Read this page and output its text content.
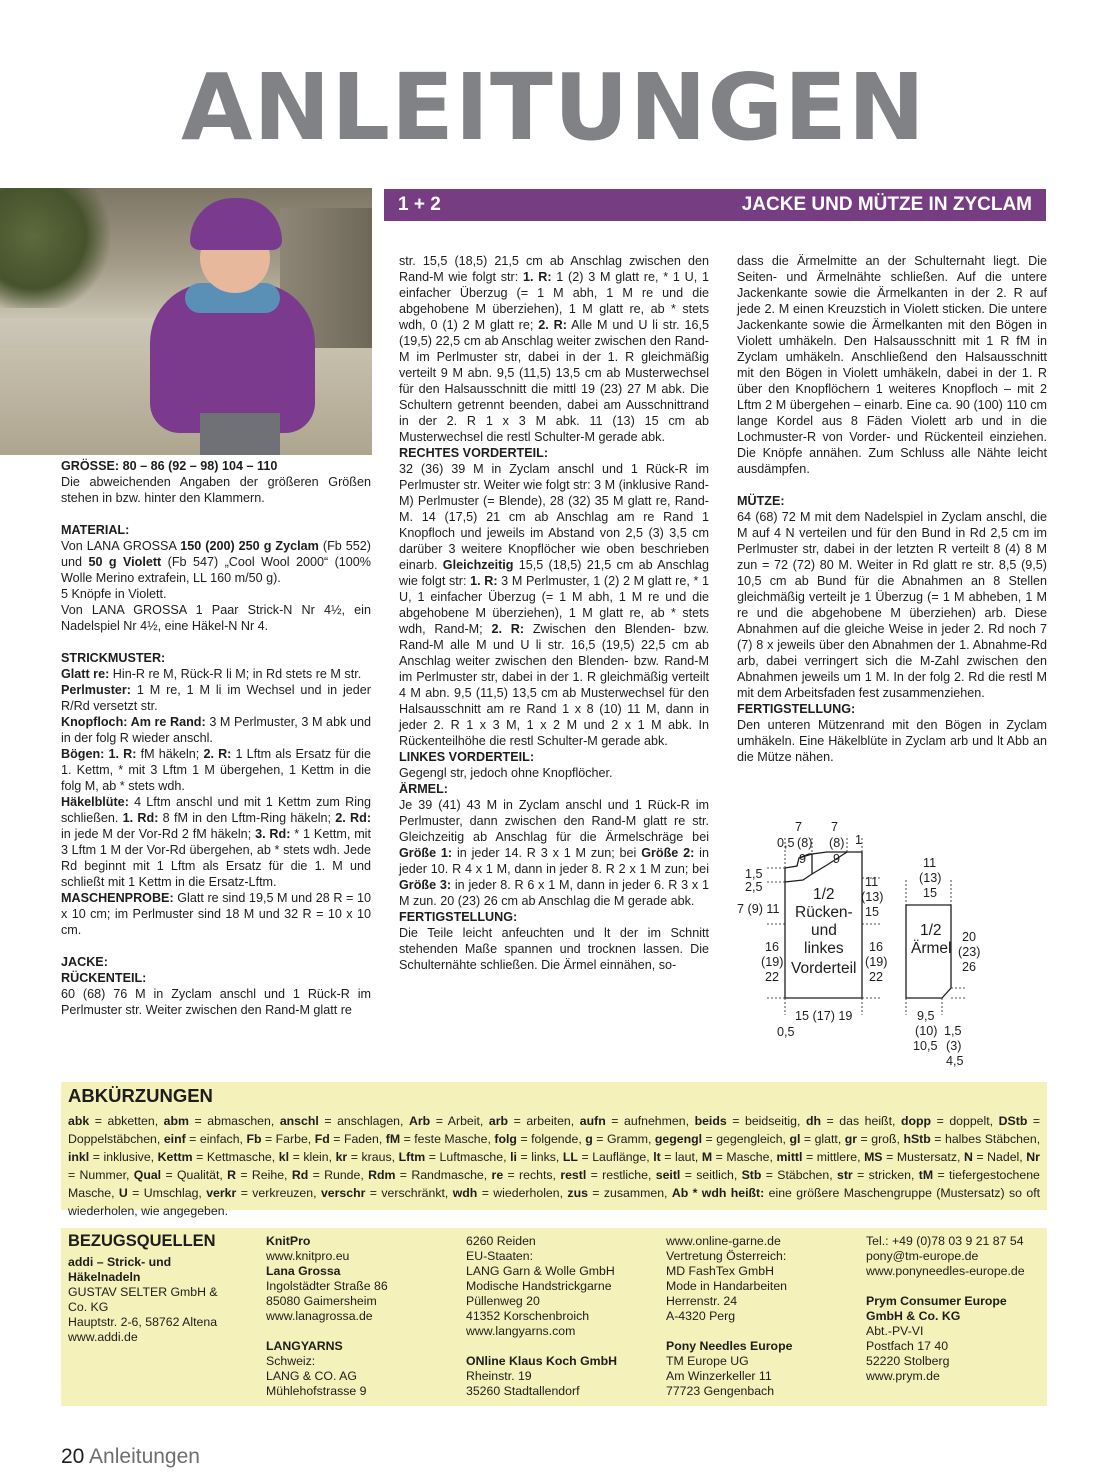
ANLEITUNGEN
1 + 2	JACKE UND MÜTZE IN ZYCLAM
GRÖSSE: 80 – 86 (92 – 98) 104 – 110

Die abweichenden Angaben der größeren Größen stehen in bzw. hinter den Klammern.

MATERIAL:

Von LANA GROSSA 150 (200) 250 g Zyclam (Fb 552) und 50 g Violett (Fb 547) „Cool Wool 2000“ (100% Wolle Merino extrafein, LL 160 m/50 g).

5 Knöpfe in Violett.

Von LANA GROSSA 1 Paar Strick-N Nr 4½, ein Nadelspiel Nr 4½, eine Häkel-N Nr 4.

STRICKMUSTER:

Glatt re: Hin-R re M, Rück-R li M; in Rd stets re M str.

Perlmuster: 1 M re, 1 M li im Wechsel und in jeder R/Rd versetzt str.

Knopfloch: Am re Rand: 3 M Perlmuster, 3 M abk und in der folg R wieder anschl.

Bögen: 1. R: fM häkeln; 2. R: 1 Lftm als Ersatz für die 1. Kettm, * mit 3 Lftm 1 M übergehen, 1 Kettm in die folg M, ab * stets wdh.

Häkelblüte: 4 Lftm anschl und mit 1 Kettm zum Ring schließen. 1. Rd: 8 fM in den Lftm-Ring häkeln; 2. Rd: in jede M der Vor-Rd 2 fM häkeln; 3. Rd: * 1 Kettm, mit 3 Lftm 1 M der Vor-Rd übergehen, ab * stets wdh. Jede Rd beginnt mit 1 Lftm als Ersatz für die 1. M und schließt mit 1 Kettm in die Ersatz-Lftm.

MASCHENPROBE: Glatt re sind 19,5 M und 28 R = 10 x 10 cm; im Perlmuster sind 18 M und 32 R = 10 x 10 cm.

JACKE:
RÜCKENTEIL:

60 (68) 76 M in Zyclam anschl und 1 Rück-R im Perlmuster str. Weiter zwischen den Rand-M glatt re

str. 15,5 (18,5) 21,5 cm ab Anschlag zwischen den Rand-M wie folgt str: 1. R: 1 (2) 3 M glatt re, * 1 U, 1 einfacher Überzug (= 1 M abh, 1 M re und die abgehobene M überziehen), 1 M glatt re, ab * stets wdh, 0 (1) 2 M glatt re; 2. R: Alle M und U li str. 16,5 (19,5) 22,5 cm ab Anschlag weiter zwischen den Rand-M im Perlmuster str, dabei in der 1. R gleichmäßig verteilt 9 M abn. 9,5 (11,5) 13,5 cm ab Musterwechsel für den Halsausschnitt die mittl 19 (23) 27 M abk. Die Schultern getrennt beenden, dabei am Ausschnittrand in der 2. R 1 x 3 M abk. 11 (13) 15 cm ab Musterwechsel die restl Schulter-M gerade abk.

RECHTES VORDERTEIL:

32 (36) 39 M in Zyclam anschl und 1 Rück-R im Perlmuster str. Weiter wie folgt str: 3 M (inklusive Rand-M) Perlmuster (= Blende), 28 (32) 35 M glatt re, Rand-M. 14 (17,5) 21 cm ab Anschlag am re Rand 1 Knopfloch und jeweils im Abstand von 2,5 (3) 3,5 cm darüber 3 weitere Knopflöcher wie oben beschrieben einarb. Gleichzeitig 15,5 (18,5) 21,5 cm ab Anschlag wie folgt str: 1. R: 3 M Perlmuster, 1 (2) 2 M glatt re, * 1 U, 1 einfacher Überzug (= 1 M abh, 1 M re und die abgehobene M überziehen), 1 M glatt re, ab * stets wdh, Rand-M; 2. R: Zwischen den Blenden- bzw. Rand-M alle M und U li str. 16,5 (19,5) 22,5 cm ab Anschlag weiter zwischen den Blenden- bzw. Rand-M im Perlmuster str, dabei in der 1. R gleichmäßig verteilt 4 M abn. 9,5 (11,5) 13,5 cm ab Musterwechsel für den Halsausschnitt am re Rand 1 x 8 (10) 11 M, dann in jeder 2. R 1 x 3 M, 1 x 2 M und 2 x 1 M abk. In Rückenteilhöhe die restl Schulter-M gerade abk.

LINKES VORDERTEIL:

Gegengl str, jedoch ohne Knopflöcher.

ÄRMEL:

Je 39 (41) 43 M in Zyclam anschl und 1 Rück-R im Perlmuster, dann zwischen den Rand-M glatt re str. Gleichzeitig ab Anschlag für die Ärmelschräge bei Größe 1: in jeder 14. R 3 x 1 M zun; bei Größe 2: in jeder 10. R 4 x 1 M, dann in jeder 8. R 2 x 1 M zun; bei Größe 3: in jeder 8. R 6 x 1 M, dann in jeder 6. R 3 x 1 M zun. 20 (23) 26 cm ab Anschlag die M gerade abk.

FERTIGSTELLUNG:

Die Teile leicht anfeuchten und lt der im Schnitt stehenden Maße spannen und trocknen lassen. Die Schulternähte schließen. Die Ärmel einnähen, so-

dass die Ärmelmitte an der Schulternaht liegt. Die Seiten- und Ärmelnähte schließen. Auf die untere Jackenkante sowie die Ärmelkanten in der 2. R auf jede 2. M einen Kreuzstich in Violett sticken. Die untere Jackenkante sowie die Ärmelkanten mit den Bögen in Violett umhäkeln. Den Halsausschnitt mit 1 R fM in Zyclam umhäkeln. Anschließend den Halsausschnitt mit den Bögen in Violett umhäkeln, dabei in der 1. R über den Knopflöchern 1 weiteres Knopfloch – mit 2 Lftm 2 M übergehen – einarb. Eine ca. 90 (100) 110 cm lange Kordel aus 8 Fäden Violett arb und in die Lochmuster-R von Vorder- und Rückenteil einziehen. Die Knöpfe annähen. Zum Schluss alle Nähte leicht ausdämpfen.

MÜTZE:

64 (68) 72 M mit dem Nadelspiel in Zyclam anschl, die M auf 4 N verteilen und für den Bund in Rd 2,5 cm im Perlmuster str, dabei in der letzten R verteilt 8 (4) 8 M zun = 72 (72) 80 M. Weiter in Rd glatt re str. 8,5 (9,5) 10,5 cm ab Bund für die Abnahmen an 8 Stellen gleichmäßig verteilt je 1 Überzug (= 1 M abheben, 1 M re und die abgehobene M überziehen) arb. Diese Abnahmen auf die gleiche Weise in jeder 2. Rd noch 7 (7) 8 x jeweils über den Abnahmen der 1. Abnahme-Rd arb, dabei verringert sich die M-Zahl zwischen den Abnahmen jeweils um 1 M. In der folg 2. Rd die restl M mit dem Arbeitsfaden fest zusammenziehen.

FERTIGSTELLUNG:

Den unteren Mützenrand mit den Bögen in Zyclam umhäkeln. Eine Häkelblüte in Zyclam arb und lt Abb an die Mütze nähen.

7 7
0,5 (8) (8) 1
9 9
1,5
2,5
7 (9) 11
16
(19)
22
11
(13)
15
16
(19)
22
15 (17) 19
0,5
1/2
Rücken-
und
linkes
Vorderteil
11
(13)
15
1/2
Ärmel
20
(23)
26
9,5
(10)
10,5
1,5
(3)
4,5
ABKÜRZUNGEN
abk = abketten, abm = abmaschen, anschl = anschlagen, Arb = Arbeit, arb = arbeiten, aufn = aufnehmen, beids = beidseitig, dh = das heißt, dopp = doppelt, DStb = Doppelstäbchen, einf = einfach, Fb = Farbe, Fd = Faden, fM = feste Masche, folg = folgende, g = Gramm, gegengl = gegengleich, gl = glatt, gr = groß, hStb = halbes Stäbchen, inkl = inklusive, Kettm = Kettmasche, kl = klein, kr = kraus, Lftm = Luftmasche, li = links, LL = Lauflänge, lt = laut, M = Masche, mittl = mittlere, MS = Mustersatz, N = Nadel, Nr = Nummer, Qual = Qualität, R = Reihe, Rd = Runde, Rdm = Randmasche, re = rechts, restl = restliche, seitl = seitlich, Stb = Stäbchen, str = stricken, tM = tiefergestochene Masche, U = Umschlag, verkr = verkreuzen, verschr = verschränkt, wdh = wiederholen, zus = zusammen, Ab * wdh heißt: eine größere Maschengruppe (Mustersatz) so oft wiederholen, wie angegeben.
BEZUGSQUELLEN
addi – Strick- und Häkelnadeln
GUSTAV SELTER GmbH &
Co. KG
Hauptstr. 2-6, 58762 Altena
www.addi.de
KnitPro
www.knitpro.eu
Lana Grossa
Ingolstädter Straße 86
85080 Gaimersheim
www.lanagrossa.de
LANGYARNS
Schweiz:
LANG & CO. AG
Mühlehofstrasse 9
6260 Reiden
EU-Staaten:
LANG Garn & Wolle GmbH
Modische Handstrickgarne
Püllenweg 20
41352 Korschenbroich
www.langyarns.com
ONline Klaus Koch GmbH
Rheinstr. 19
35260 Stadtallendorf
www.online-garne.de
Vertretung Österreich:
MD FashTex GmbH
Mode in Handarbeiten
Herrenstr. 24
A-4320 Perg
Pony Needles Europe
TM Europe UG
Am Winzerkeller 11
77723 Gengenbach
Tel.: +49 (0)78 03 9 21 87 54
pony@tm-europe.de
www.ponyneedles-europe.de
Prym Consumer Europe GmbH & Co. KG
Abt.-PV-VI
Postfach 17 40
52220 Stolberg
www.prym.de
20 Anleitungen
